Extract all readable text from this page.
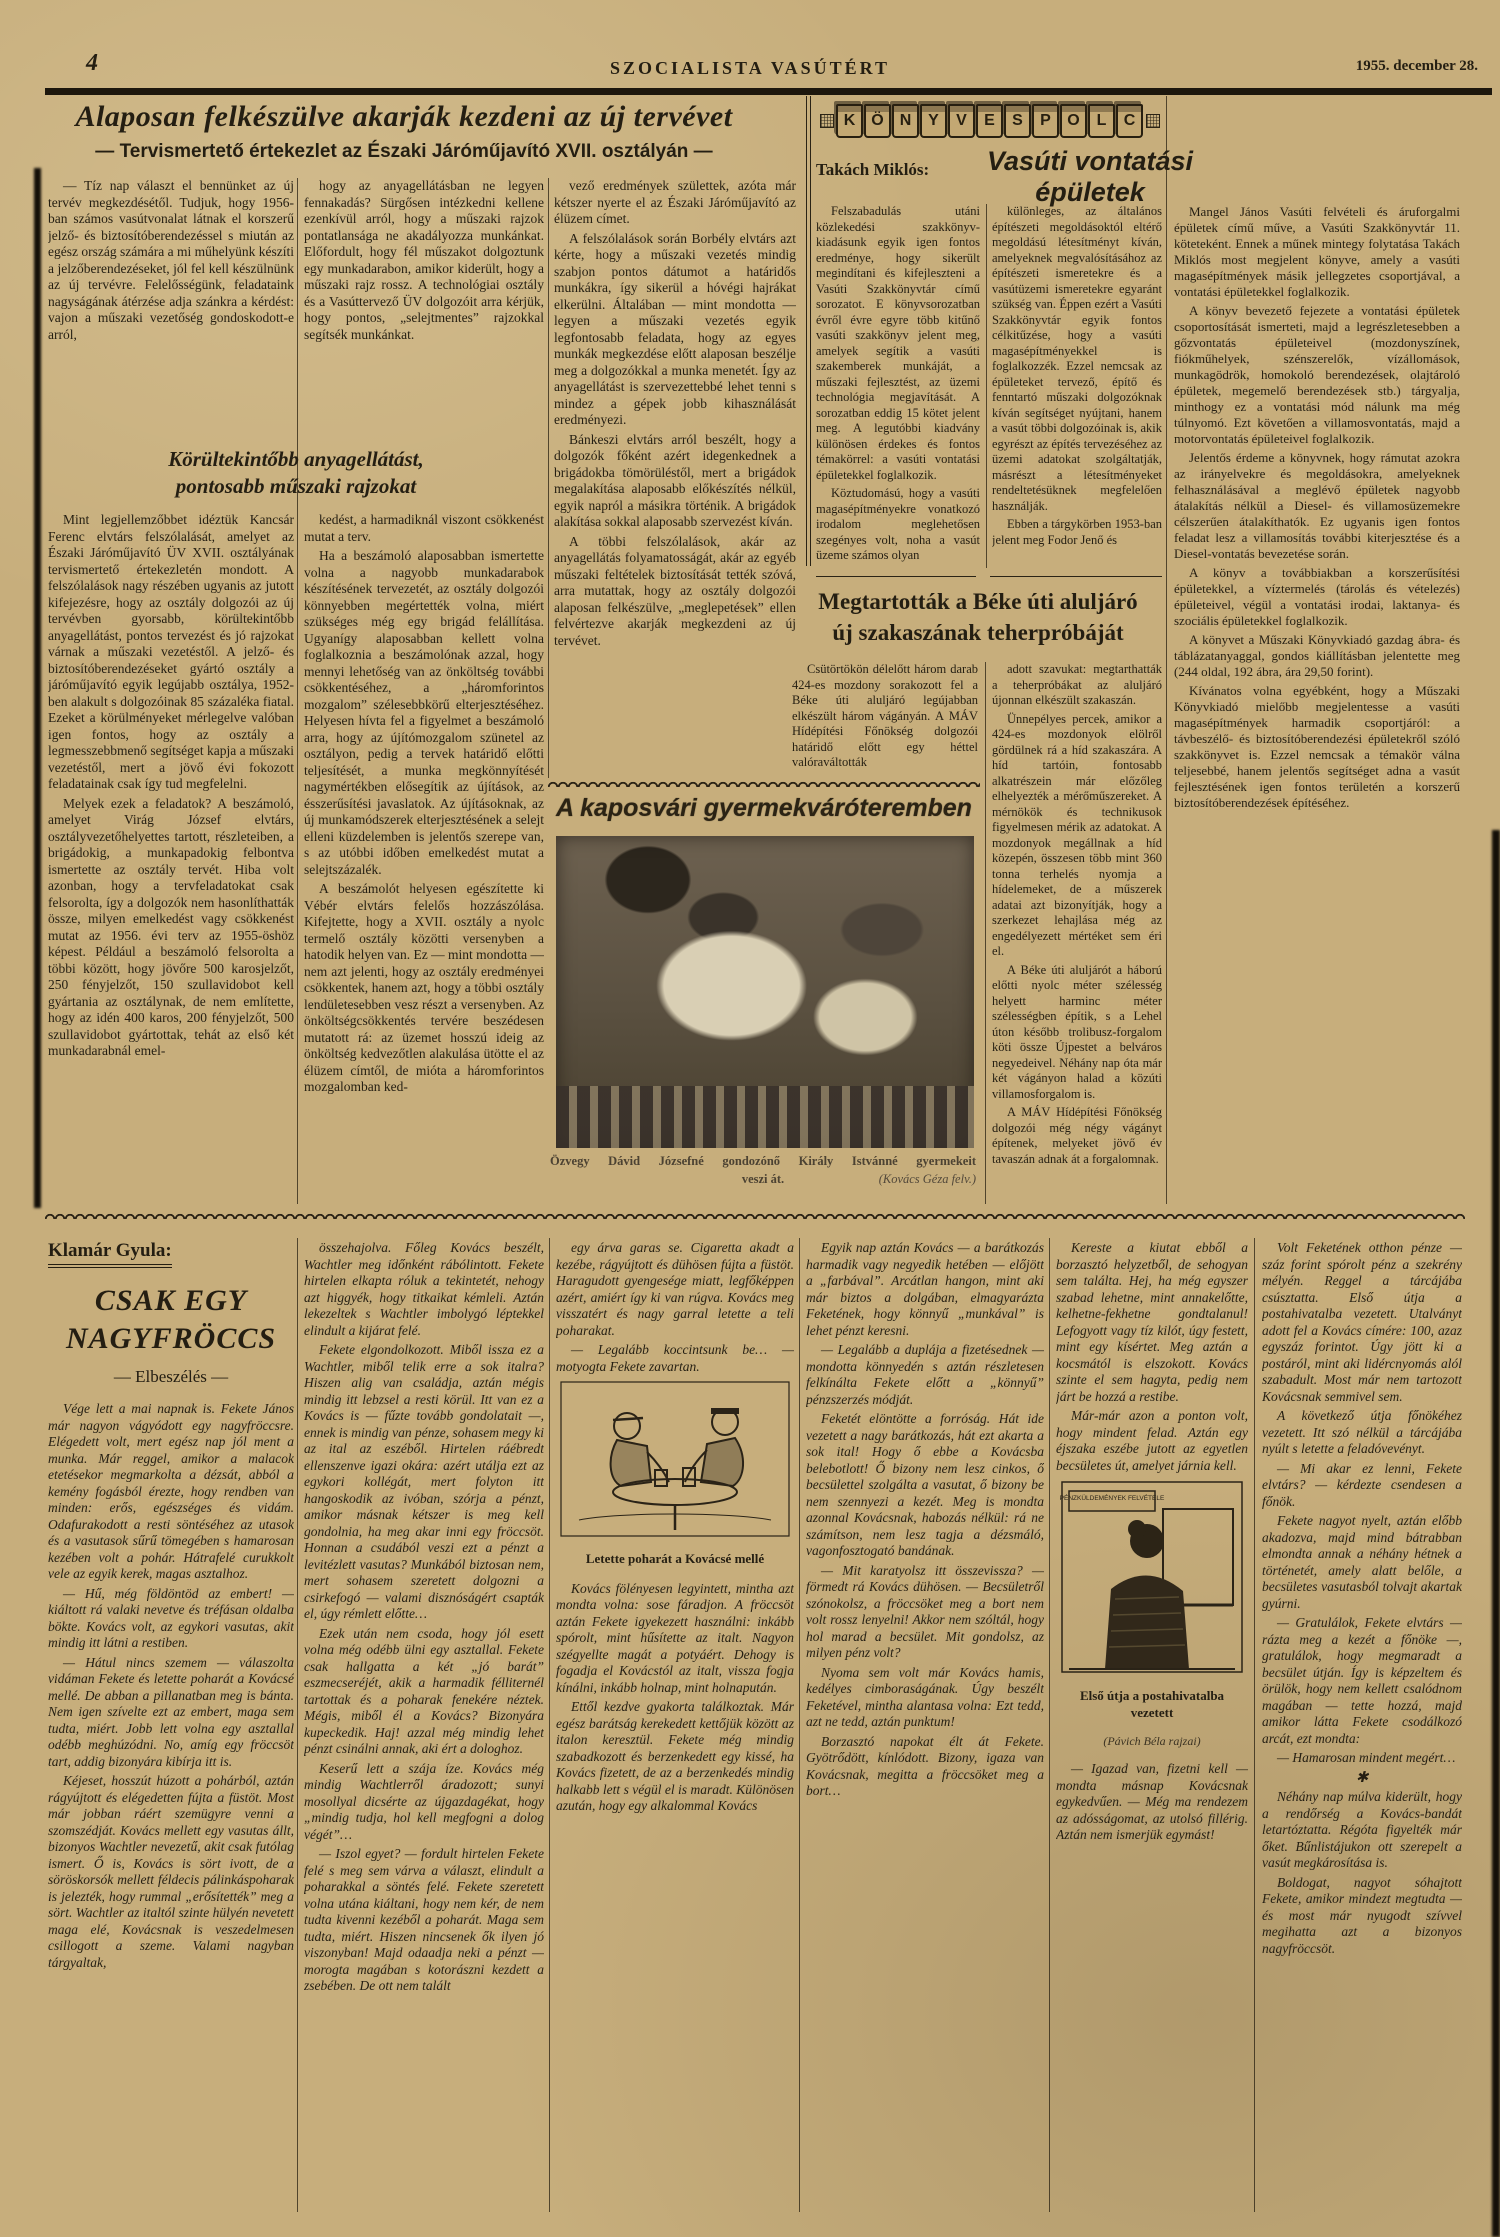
4	SZOCIALISTA VASÚTÉRT	1955. december 28.
Alaposan felkészülve akarják kezdeni az új tervévet
— Tervismertető értekezlet az Északi Járóműjavító XVII. osztályán —

— Tíz nap választ el bennünket az új tervév megkezdésétől. Tudjuk, hogy 1956-ban számos vasútvonalat látnak el korszerű jelző- és biztosítóberendezéssel s miután az egész ország számára a mi műhelyünk készíti a jelzőberendezéseket, jól fel kell készülnünk az új tervévre. Felelősségünk, feladataink nagyságának átérzése adja szánkra a kérdést: vajon a műszaki vezetőség gondoskodott-e arról,

hogy az anyagellátásban ne legyen fennakadás? Sürgősen intézkedni kellene ezenkívül arról, hogy a műszaki rajzok pontatlansága ne akadályozza munkánkat. Előfordult, hogy fél műszakot dolgoztunk egy munkadarabon, amikor kiderült, hogy a műszaki rajz rossz. A technológiai osztály és a Vasúttervező ÜV dolgozóit arra kérjük, hogy pontos, „selejtmentes” rajzokkal segítsék munkánkat.

Körültekintőbb anyagellátást,
pontosabb műszaki rajzokat

Mint legjellemzőbbet idéztük Kancsár Ferenc elvtárs felszólalását, amelyet az Északi Járóműjavító ÜV XVII. osztályának tervismertető értekezletén mondott. A felszólalások nagy részében ugyanis az jutott kifejezésre, hogy az osztály dolgozói az új tervévben gyorsabb, körültekintőbb anyagellátást, pontos tervezést és jó rajzokat várnak a műszaki vezetéstől. A jelző- és biztosítóberendezéseket gyártó osztály a járóműjavító egyik legújabb osztálya, 1952-ben alakult s dolgozóinak 85 százaléka fiatal. Ezeket a körülményeket mérlegelve valóban igen fontos, hogy az osztály a legmesszebbmenő segítséget kapja a műszaki vezetéstől, mert a jövő évi fokozott feladatainak csak így tud megfelelni.

Melyek ezek a feladatok? A beszámoló, amelyet Virág József elvtárs, osztályvezetőhelyettes tartott, részleteiben, a brigádokig, a munkapadokig felbontva ismertette az osztály tervét. Hiba volt azonban, hogy a tervfeladatokat csak felsorolta, így a dolgozók nem hasonlíthatták össze, milyen emelkedést vagy csökkenést mutat az 1956. évi terv az 1955-öshöz képest. Például a beszámoló felsorolta a többi között, hogy jövőre 500 karosjelzőt, 250 fényjelzőt, 150 szullavidobot kell gyártania az osztálynak, de nem említette, hogy az idén 400 karos, 200 fényjelzőt, 500 szullavidobot gyártottak, tehát az első két munkadarabnál emel-

kedést, a harmadiknál viszont csökkenést mutat a terv.

Ha a beszámoló alaposabban ismertette volna a nagyobb munkadarabok készítésének tervezetét, az osztály dolgozói könnyebben megértették volna, miért szükséges még egy brigád felállítása. Ugyanígy alaposabban kellett volna foglalkoznia a beszámolónak azzal, hogy mennyi lehetőség van az önköltség további csökkentéséhez, a „háromforintos mozgalom” szélesebbkörű elterjesztéséhez. Helyesen hívta fel a figyelmet a beszámoló arra, hogy az újítómozgalom szünetel az osztályon, pedig a tervek határidő előtti teljesítését, a munka megkönnyítését nagymértékben elősegítik az újítások, az ésszerűsítési javaslatok. Az újításoknak, az új munkamódszerek elterjesztésének a selejt elleni küzdelemben is jelentős szerepe van, s az utóbbi időben emelkedést mutat a selejtszázalék.

A beszámolót helyesen egészítette ki Vébér elvtárs felelős hozzászólása. Kifejtette, hogy a XVII. osztály a nyolc termelő osztály közötti versenyben a hatodik helyen van. Ez — mint mondotta — nem azt jelenti, hogy az osztály eredményei csökkentek, hanem azt, hogy a többi osztály lendületesebben vesz részt a versenyben. Az önköltségcsökkentés tervére beszédesen mutatott rá: az üzemet hosszú ideig az önköltség kedvezőtlen alakulása ütötte el az élüzem címtől, de mióta a háromforintos mozgalomban ked-

vező eredmények születtek, azóta már kétszer nyerte el az Északi Járóműjavító az élüzem címet.

A felszólalások során Borbély elvtárs azt kérte, hogy a műszaki vezetés mindig szabjon pontos dátumot a határidős munkákra, így sikerül a hóvégi hajrákat elkerülni. Általában — mint mondotta — legyen a műszaki vezetés egyik legfontosabb feladata, hogy az egyes munkák megkezdése előtt alaposan beszélje meg a dolgozókkal a munka menetét. Így az anyagellátást is szervezettebbé lehet tenni s mindez a gépek jobb kihasználását eredményezi.

Bánkeszi elvtárs arról beszélt, hogy a dolgozók főként azért idegenkednek a brigádokba tömörüléstől, mert a brigádok megalakítása alaposabb előkészítés nélkül, egyik napról a másikra történik. A brigádok alakítása sokkal alaposabb szervezést kíván.

A többi felszólalások, akár az anyagellátás folyamatosságát, akár az egyéb műszaki feltételek biztosítását tették szóvá, arra mutattak, hogy az osztály dolgozói alaposan felkészülve, „meglepetések” ellen felvértezve akarják megkezdeni az új tervévet.

A kaposvári gyermekváróteremben
Özvegy Dávid Józsefné gondozónő Király Istvánné gyermekeit
veszi át.	(Kovács Géza felv.)
K Ö	N	Y	V	E	S	P	O	L	C
Takách Miklós:	Vasúti vontatási épületek

Felszabadulás utáni közlekedési szakkönyv-kiadásunk egyik igen fontos eredménye, hogy sikerült megindítani és kifejleszteni a Vasúti Szakkönyvtár című sorozatot. E könyvsorozatban évről évre egyre több kitűnő vasúti szakkönyv jelent meg, amelyek segítik a vasúti szakemberek munkáját, a műszaki fejlesztést, az üzemi technológia megjavítását. A sorozatban eddig 15 kötet jelent meg. A legutóbbi kiadvány különösen érdekes és fontos témakörrel: a vasúti vontatási épületekkel foglalkozik.

Köztudomású, hogy a vasúti magasépítményekre vonatkozó irodalom meglehetősen szegényes volt, noha a vasút üzeme számos olyan

különleges, az általános építészeti megoldásoktól eltérő megoldású létesítményt kíván, amelyeknek megvalósításához az építészeti ismeretekre és a vasútüzemi ismeretekre egyaránt szükség van. Éppen ezért a Vasúti Szakkönyvtár egyik fontos célkitűzése, hogy a vasúti magasépítményekkel is foglalkozzék. Ezzel nemcsak az épületeket tervező, építő és fenntartó műszaki dolgozóknak kíván segítséget nyújtani, hanem a vasút többi dolgozóinak is, akik egyrészt az építés tervezéséhez az üzemi adatokat szolgáltatják, másrészt a létesítményeket rendeltetésüknek megfelelően használják.

Ebben a tárgykörben 1953-ban jelent meg Fodor Jenő és

Mangel János Vasúti felvételi és áruforgalmi épületek című műve, a Vasúti Szakkönyvtár 11. köteteként. Ennek a műnek mintegy folytatása Takách Miklós most megjelent könyve, amely a vasúti magasépítmények másik jellegzetes csoportjával, a vontatási épületekkel foglalkozik.

A könyv bevezető fejezete a vontatási épületek csoportosítását ismerteti, majd a legrészletesebben a gőzvontatás épületeivel (mozdonyszínek, fiókműhelyek, szénszerelők, vízállomások, munkagödrök, homokoló berendezések, olajtároló épületek, megemelő berendezések stb.) tárgyalja, minthogy ez a vontatási mód nálunk ma még túlnyomó. Ezt követően a villamosvontatás, majd a motorvontatás épületeivel foglalkozik.

Jelentős érdeme a könyvnek, hogy rámutat azokra az irányelvekre és megoldásokra, amelyeknek felhasználásával a meglévő épületek nagyobb átalakítás nélkül a Diesel- és villamosüzemekre célszerűen átalakíthatók. Ez ugyanis igen fontos feladat lesz a villamosítás további kiterjesztése és a Diesel-vontatás bevezetése során.

A könyv a továbbiakban a korszerűsítési épületekkel, a víztermelés (tárolás és vételezés) épületeivel, végül a vontatási irodai, laktanya- és szociális épületekkel foglalkozik.

A könyvet a Műszaki Könyvkiadó gazdag ábra- és táblázatanyaggal, gondos kiállításban jelentette meg (244 oldal, 192 ábra, ára 29,50 forint).

Kívánatos volna egyébként, hogy a Műszaki Könyvkiadó mielőbb megjelentesse a vasúti magasépítmények harmadik csoportjáról: a távbeszélő- és biztosítóberendezési épületekről szóló szakkönyvet is. Ezzel nemcsak a témakör válna teljesebbé, hanem jelentős segítséget adna a vasút fejlesztésének igen fontos területén a korszerű biztosítóberendezések építéséhez.

Megtartották a Béke úti aluljáró
új szakaszának teherpróbáját

Csütörtökön délelőtt három darab 424-es mozdony sorakozott fel a Béke úti aluljáró legújabban elkészült három vágányán. A MÁV Hídépítési Főnökség dolgozói határidő előtt egy héttel valóraváltották

adott szavukat: megtarthatták a teherpróbákat az aluljáró újonnan elkészült szakaszán.

Ünnepélyes percek, amikor a 424-es mozdonyok elölről gördülnek rá a híd szakaszára. A híd tartóin, fontosabb alkatrészein már előzőleg elhelyezték a mérőműszereket. A mérnökök és technikusok figyelmesen mérik az adatokat. A mozdonyok megállnak a híd közepén, összesen több mint 360 tonna terhelés nyomja a hídelemeket, de a műszerek adatai azt bizonyítják, hogy a szerkezet lehajlása még az engedélyezett mértéket sem éri el.

A Béke úti aluljárót a háború előtti nyolc méter szélesség helyett harminc méter szélességben építik, s a Lehel úton később trolibusz-forgalom köti össze Újpestet a belváros negyedeivel. Néhány nap óta már két vágányon halad a közúti villamosforgalom is.

A MÁV Hídépítési Főnökség dolgozói még négy vágányt építenek, melyeket jövő év tavaszán adnak át a forgalomnak.

Klamár Gyula:
CSAK EGY
NAGYFRÖCCS
— Elbeszélés —

Vége lett a mai napnak is. Fekete János már nagyon vágyódott egy nagyfröccsre. Elégedett volt, mert egész nap jól ment a munka. Már reggel, amikor a malacok etetésekor megmarkolta a dézsát, abból a kemény fogásból érezte, hogy rendben van minden: erős, egészséges és vidám. Odafurakodott a resti söntéséhez az utasok és a vasutasok sűrű tömegében s hamarosan kezében volt a pohár. Hátrafelé curukkolt vele az egyik kerek, magas asztalhoz.

— Hű, még földöntöd az embert! — kiáltott rá valaki nevetve és tréfásan oldalba bökte. Kovács volt, az egykori vasutas, akit mindig itt látni a restiben.

— Hátul nincs szemem — válaszolta vidáman Fekete és letette poharát a Kovácsé mellé. De abban a pillanatban meg is bánta. Nem igen szívelte ezt az embert, maga sem tudta, miért. Jobb lett volna egy asztallal odébb meghúzódni. No, amíg egy fröccsöt tart, addig bizonyára kibírja itt is.

Kéjeset, hosszút húzott a pohárból, aztán rágyújtott és elégedetten fújta a füstöt. Most már jobban ráért szemügyre venni a szomszédját. Kovács mellett egy vasutas állt, bizonyos Wachtler nevezetű, akit csak futólag ismert. Ő is, Kovács is sört ivott, de a söröskorsók mellett féldecis pálinkáspoharak is jelezték, hogy rummal „erősítették” meg a sört. Wachtler az italtól szinte hülyén nevetett maga elé, Kovácsnak is veszedelmesen csillogott a szeme. Valami nagyban tárgyaltak,

összehajolva. Főleg Kovács beszélt, Wachtler meg időnként rábólintott. Fekete hirtelen elkapta róluk a tekintetét, nehogy azt higgyék, hogy titkaikat kémleli. Aztán lekezeltek s Wachtler imbolygó léptekkel elindult a kijárat felé.

Fekete elgondolkozott. Miből issza ez a Wachtler, miből telik erre a sok italra? Hiszen alig van családja, aztán mégis mindig itt lebzsel a resti körül. Itt van ez a Kovács is — fűzte tovább gondolatait —, ennek is mindig van pénze, sohasem megy ki az ital az eszéből. Hirtelen ráébredt ellenszenve igazi okára: azért utálja ezt az egykori kollégát, mert folyton itt hangoskodik az ivóban, szórja a pénzt, amikor másnak kétszer is meg kell gondolnia, ha meg akar inni egy fröccsöt. Honnan a csudából veszi ezt a pénzt a levitézlett vasutas? Munkából biztosan nem, mert sohasem szeretett dolgozni a csirkefogó — valami disznóságért csapták el, úgy rémlett előtte…

Ezek után nem csoda, hogy jól esett volna még odébb ülni egy asztallal. Fekete csak hallgatta a két „jó barát” eszmecseréjét, akik a harmadik félliternél tartottak és a poharak fenekére néztek. Mégis, miből él a Kovács? Bizonyára kupeckedik. Haj! azzal még mindig lehet pénzt csinálni annak, aki ért a dologhoz.

Keserű lett a szája íze. Kovács még mindig Wachtlerről áradozott; sunyi mosollyal dicsérte az újgazdagékat, hogy „mindig tudja, hol kell megfogni a dolog végét”…

— Iszol egyet? — fordult hirtelen Fekete felé s meg sem várva a választ, elindult a poharakkal a söntés felé. Fekete szeretett volna utána kiáltani, hogy nem kér, de nem tudta kivenni kezéből a poharát. Maga sem tudta, miért. Hiszen nincsenek ők ilyen jó viszonyban! Majd odaadja neki a pénzt — morogta magában s kotorászni kezdett a zsebében. De ott nem talált

egy árva garas se. Cigaretta akadt a kezébe, rágyújtott és dühösen fújta a füstöt. Haragudott gyengesége miatt, legfőképpen azért, amiért így ki van rúgva. Kovács meg visszatért és nagy garral letette a teli poharakat.

— Legalább koccintsunk be… — motyogta Fekete zavartan.

Letette poharát a Kovácsé mellé

Kovács fölényesen legyintett, mintha azt mondta volna: sose fáradjon. A fröccsöt aztán Fekete igyekezett használni: inkább spórolt, mint hűsítette az italt. Nagyon szégyellte magát a potyáért. Dehogy is fogadja el Kovácstól az italt, vissza fogja kínálni, inkább holnap, mint holnapután.

Ettől kezdve gyakorta találkoztak. Már egész barátság kerekedett kettőjük között az italon keresztül. Fekete még mindig szabadkozott és berzenkedett egy kissé, ha Kovács fizetett, de az a berzenkedés mindig halkabb lett s végül el is maradt. Különösen azután, hogy egy alkalommal Kovács

Egyik nap aztán Kovács — a barátkozás harmadik vagy negyedik hetében — előjött a „farbával”. Arcátlan hangon, mint aki már biztos a dolgában, elmagyarázta Feketének, hogy könnyű „munkával” is lehet pénzt keresni.

— Legalább a duplája a fizetésednek — mondotta könnyedén s aztán részletesen felkínálta Fekete előtt a „könnyű” pénzszerzés módját.

Feketét elöntötte a forróság. Hát ide vezetett a nagy barátkozás, hát ezt akarta a sok ital! Hogy ő ebbe a Kovácsba belebotlott! Ő bizony nem lesz cinkos, ő becsülettel szolgálta a vasutat, ő bizony be nem szennyezi a kezét. Meg is mondta azonnal Kovácsnak, habozás nélkül: rá ne számítson, nem lesz tagja a dézsmáló, vagonfosztogató bandának.

— Mit karatyolsz itt összevissza? — förmedt rá Kovács dühösen. — Becsületről szónokolsz, a fröccsöket meg a bort nem volt rossz lenyelni! Akkor nem szóltál, hogy hol marad a becsület. Mit gondolsz, az milyen pénz volt?

Nyoma sem volt már Kovács hamis, kedélyes cimboraságának. Úgy beszélt Feketével, mintha alantasa volna: Ezt tedd, azt ne tedd, aztán punktum!

Borzasztó napokat élt át Fekete. Gyötrődött, kínlódott. Bizony, igaza van Kovácsnak, megitta a fröccsöket meg a bort…

Kereste a kiutat ebből a borzasztó helyzetből, de sehogyan sem találta. Hej, ha még egyszer szabad lehetne, mint annakelőtte, kelhetne-fekhetne gondtalanul! Lefogyott vagy tíz kilót, úgy festett, mint egy kísértet. Meg aztán a kocsmától is elszokott. Kovács szinte el sem hagyta, pedig nem járt be hozzá a restibe.

Már-már azon a ponton volt, hogy mindent felad. Aztán egy éjszaka eszébe jutott az egyetlen becsületes út, amelyet járnia kell.

PÉNZKÜLDEMÉNYEK FELVÉTELE

Első útja a postahivatalba
vezetett

(Pávich Béla rajzai)

— Igazad van, fizetni kell — mondta másnap Kovácsnak egykedvűen. — Még ma rendezem az adósságomat, az utolsó fillérig. Aztán nem ismerjük egymást!

Volt Feketének otthon pénze — száz forint spórolt pénz a szekrény mélyén. Reggel a tárcájába csúsztatta. Első útja a postahivatalba vezetett. Utalványt adott fel a Kovács címére: 100, azaz egyszáz forintot. Úgy jött ki a postáról, mint aki lidércnyomás alól szabadult. Most már nem tartozott Kovácsnak semmivel sem.

A következő útja főnökéhez vezetett. Itt szó nélkül a tárcájába nyúlt s letette a feladóvevényt.

— Mi akar ez lenni, Fekete elvtárs? — kérdezte csendesen a főnök.

Fekete nagyot nyelt, aztán előbb akadozva, majd mind bátrabban elmondta annak a néhány hétnek a történetét, amely alatt belőle, a becsületes vasutasból tolvajt akartak gyúrni.

— Gratulálok, Fekete elvtárs — rázta meg a kezét a főnöke —, gratulálok, hogy megmaradt a becsület útján. Így is képzeltem és örülök, hogy nem kellett csalódnom magában — tette hozzá, majd amikor látta Fekete csodálkozó arcát, ezt mondta:

— Hamarosan mindent megért…

✱

Néhány nap múlva kiderült, hogy a rendőrség a Kovács-bandát letartóztatta. Régóta figyelték már őket. Bűnlistájukon ott szerepelt a vasút megkárosítása is.

Boldogat, nagyot sóhajtott Fekete, amikor mindezt megtudta — és most már nyugodt szívvel megihatta azt a bizonyos nagyfröccsöt.
